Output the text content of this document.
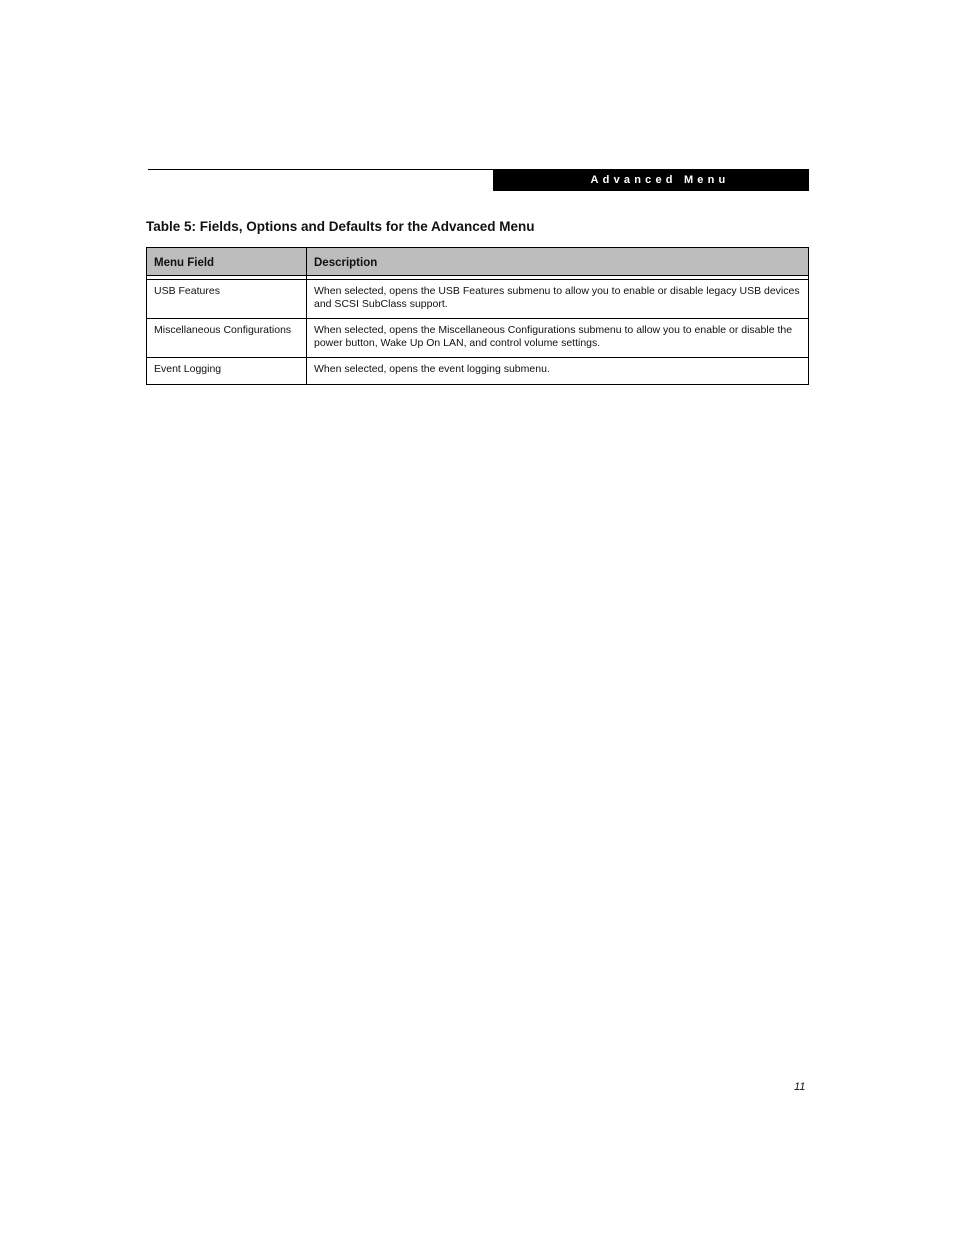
Advanced Menu
Table 5: Fields, Options and Defaults for the Advanced Menu
Menu Field	Description

USB Features	When selected, opens the USB Features submenu to allow you to enable or disable legacy USB devices and SCSI SubClass support.
Miscellaneous Configurations	When selected, opens the Miscellaneous Configurations submenu to allow you to enable or disable the power button, Wake Up On LAN, and control volume settings.
Event Logging	When selected, opens the event logging submenu.
11
